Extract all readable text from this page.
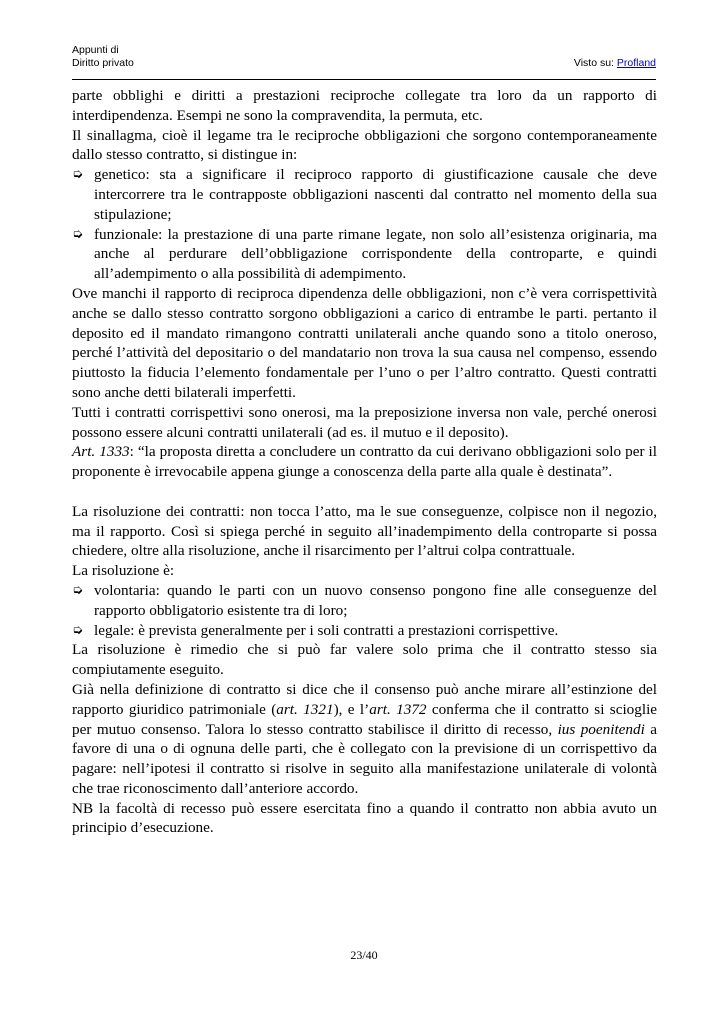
Appunti di
Diritto privato	Visto su: Profland

parte obblighi e diritti a prestazioni reciproche collegate tra loro da un rapporto di interdipendenza. Esempi ne sono la compravendita, la permuta, etc.

Il sinallagma, cioè il legame tra le reciproche obbligazioni che sorgono contemporaneamente dallo stesso contratto, si distingue in:

➭ genetico: sta a significare il reciproco rapporto di giustificazione causale che deve intercorrere tra le contrapposte obbligazioni nascenti dal contratto nel momento della sua stipulazione;

➭ funzionale: la prestazione di una parte rimane legate, non solo all’esistenza originaria, ma anche al perdurare dell’obbligazione corrispondente della controparte, e quindi all’adempimento o alla possibilità di adempimento.

Ove manchi il rapporto di reciproca dipendenza delle obbligazioni, non c’è vera corrispettività anche se dallo stesso contratto sorgono obbligazioni a carico di entrambe le parti. pertanto il deposito ed il mandato rimangono contratti unilaterali anche quando sono a titolo oneroso, perché l’attività del depositario o del mandatario non trova la sua causa nel compenso, essendo piuttosto la fiducia l’elemento fondamentale per l’uno o per l’altro contratto. Questi contratti sono anche detti bilaterali imperfetti.

Tutti i contratti corrispettivi sono onerosi, ma la preposizione inversa non vale, perché onerosi possono essere alcuni contratti unilaterali (ad es. il mutuo e il deposito).

Art. 1333: “la proposta diretta a concludere un contratto da cui derivano obbligazioni solo per il proponente è irrevocabile appena giunge a conoscenza della parte alla quale è destinata”.

La risoluzione dei contratti: non tocca l’atto, ma le sue conseguenze, colpisce non il negozio, ma il rapporto. Così si spiega perché in seguito all’inadempimento della controparte si possa chiedere, oltre alla risoluzione, anche il risarcimento per l’altrui colpa contrattuale.

La risoluzione è:

➭ volontaria: quando le parti con un nuovo consenso pongono fine alle conseguenze del rapporto obbligatorio esistente tra di loro;

➭ legale: è prevista generalmente per i soli contratti a prestazioni corrispettive.

La risoluzione è rimedio che si può far valere solo prima che il contratto stesso sia compiutamente eseguito.

Già nella definizione di contratto si dice che il consenso può anche mirare all’estinzione del rapporto giuridico patrimoniale (art. 1321), e l’art. 1372 conferma che il contratto si scioglie per mutuo consenso. Talora lo stesso contratto stabilisce il diritto di recesso, ius poenitendi a favore di una o di ognuna delle parti, che è collegato con la previsione di un corrispettivo da pagare: nell’ipotesi il contratto si risolve in seguito alla manifestazione unilaterale di volontà che trae riconoscimento dall’anteriore accordo.

NB la facoltà di recesso può essere esercitata fino a quando il contratto non abbia avuto un principio d’esecuzione.

23/40
